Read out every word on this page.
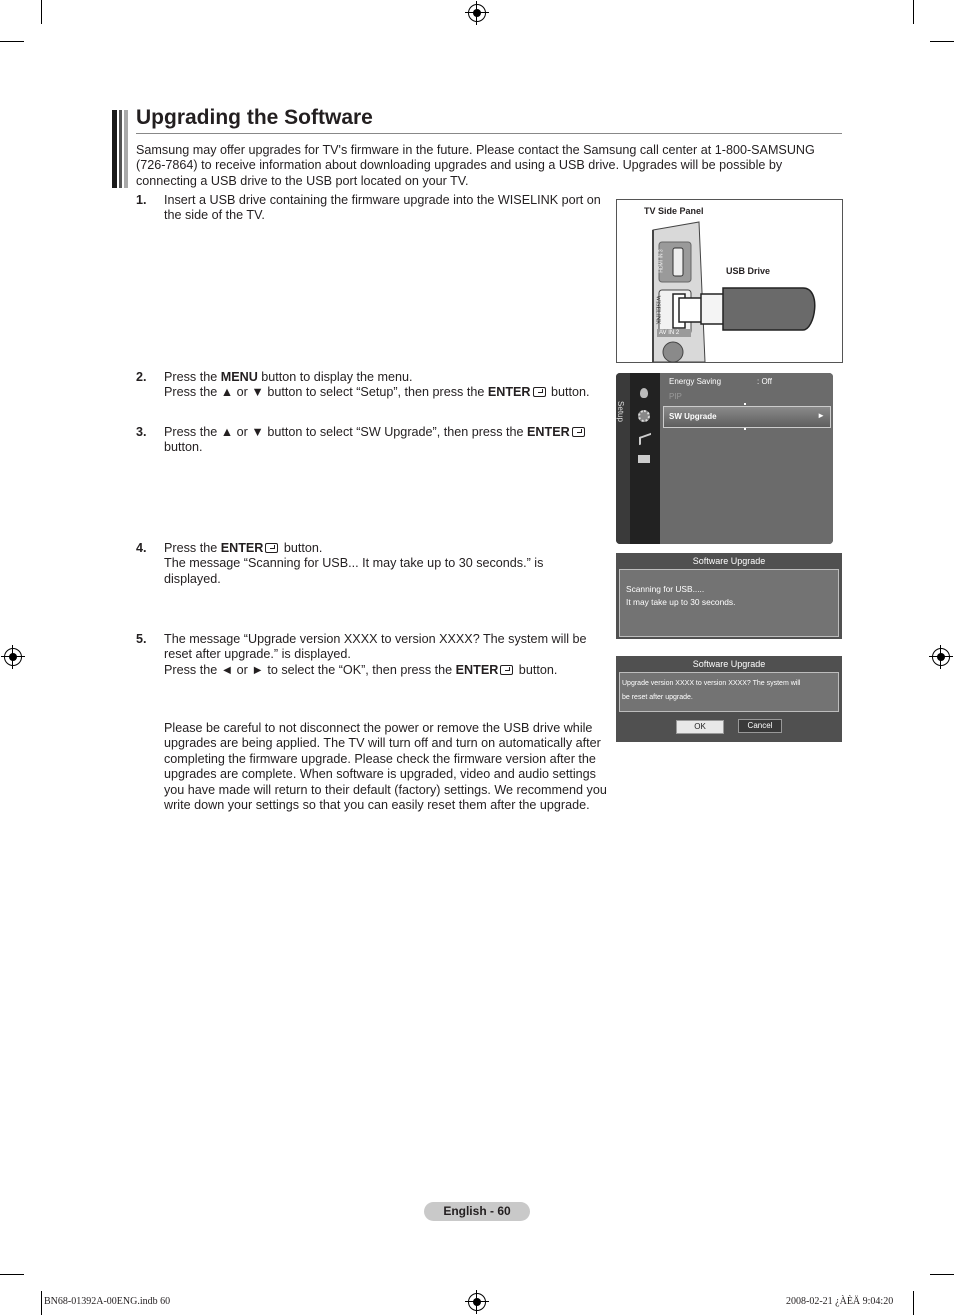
Upgrading the Software
Samsung may offer upgrades for TV's firmware in the future. Please contact the Samsung call center at 1-800-SAMSUNG (726-7864) to receive information about downloading upgrades and using a USB drive. Upgrades will be possible by connecting a USB drive to the USB port located on your TV.
1. Insert a USB drive containing the firmware upgrade into the WISELINK port on the side of the TV.	TV Side Panel
USB Drive
HDMI IN 3
WISELINK
AV IN 2
2. Press the MENU button to display the menu.
Press the ▲ or ▼ button to select “Setup”, then press the ENTER button.
3. Press the ▲ or ▼ button to select “SW Upgrade”, then press the ENTER
button.
Setup
Energy Saving	: Off
PIP
SW Upgrade	►
4. Press the ENTER button.
The message “Scanning for USB... It may take up to 30 seconds.” is displayed.
Software Upgrade
Scanning for USB.....
It may take up to 30 seconds.
5. The message “Upgrade version XXXX to version XXXX? The system will be reset after upgrade.” is displayed.
Press the ◄ or ► to select the “OK”, then press the ENTER button.	Software Upgrade
Upgrade version XXXX to version XXXX? The system will
be reset after upgrade.
OK	Cancel
Please be careful to not disconnect the power or remove the USB drive while upgrades are being applied. The TV will turn off and turn on automatically after completing the firmware upgrade. Please check the firmware version after the upgrades are complete. When software is upgraded, video and audio settings you have made will return to their default (factory) settings. We recommend you write down your settings so that you can easily reset them after the upgrade.
English - 60
BN68-01392A-00ENG.indb 60	2008-02-21 ¿ÀÈÄ 9:04:20
